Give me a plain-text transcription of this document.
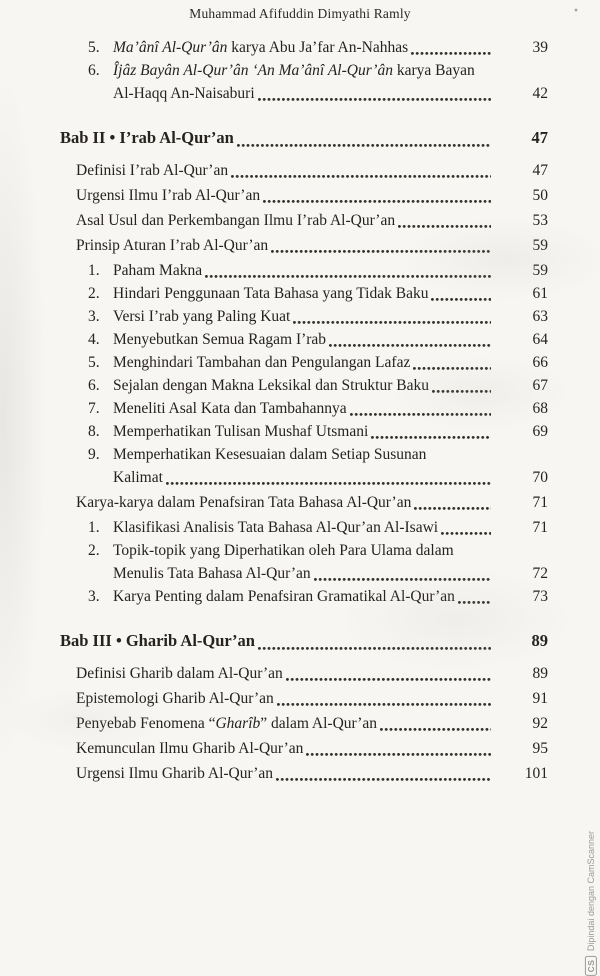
Muhammad Afifuddin Dimyathi Ramly
5. Ma’ânî Al-Qur’ân karya Abu Ja’far An-Nahhas	39
6. Îjâz Bayân Al-Qur’ân ‘An Ma’ânî Al-Qur’ân karya Bayan
Al-Haqq An-Naisaburi	42
Bab II • I’rab Al-Qur’an	47
Definisi I’rab Al-Qur’an	47
Urgensi Ilmu I’rab Al-Qur’an	50
Asal Usul dan Perkembangan Ilmu I’rab Al-Qur’an	53
Prinsip Aturan I’rab Al-Qur’an	59
1. Paham Makna	59
2. Hindari Penggunaan Tata Bahasa yang Tidak Baku	61
3. Versi I’rab yang Paling Kuat	63
4. Menyebutkan Semua Ragam I’rab	64
5. Menghindari Tambahan dan Pengulangan Lafaz	66
6. Sejalan dengan Makna Leksikal dan Struktur Baku	67
7. Meneliti Asal Kata dan Tambahannya	68
8. Memperhatikan Tulisan Mushaf Utsmani	69
9. Memperhatikan Kesesuaian dalam Setiap Susunan
Kalimat	70
Karya-karya dalam Penafsiran Tata Bahasa Al-Qur’an	71
1. Klasifikasi Analisis Tata Bahasa Al-Qur’an Al-Isawi	71
2. Topik-topik yang Diperhatikan oleh Para Ulama dalam
Menulis Tata Bahasa Al-Qur’an	72
3. Karya Penting dalam Penafsiran Gramatikal Al-Qur’an	73
Bab III • Gharib Al-Qur’an	89
Definisi Gharib dalam Al-Qur’an	89
Epistemologi Gharib Al-Qur’an	91
Penyebab Fenomena “Gharîb” dalam Al-Qur’an	92
Kemunculan Ilmu Gharib Al-Qur’an	95
Urgensi Ilmu Gharib Al-Qur’an	101
CS
Dipindai dengan CamScanner
